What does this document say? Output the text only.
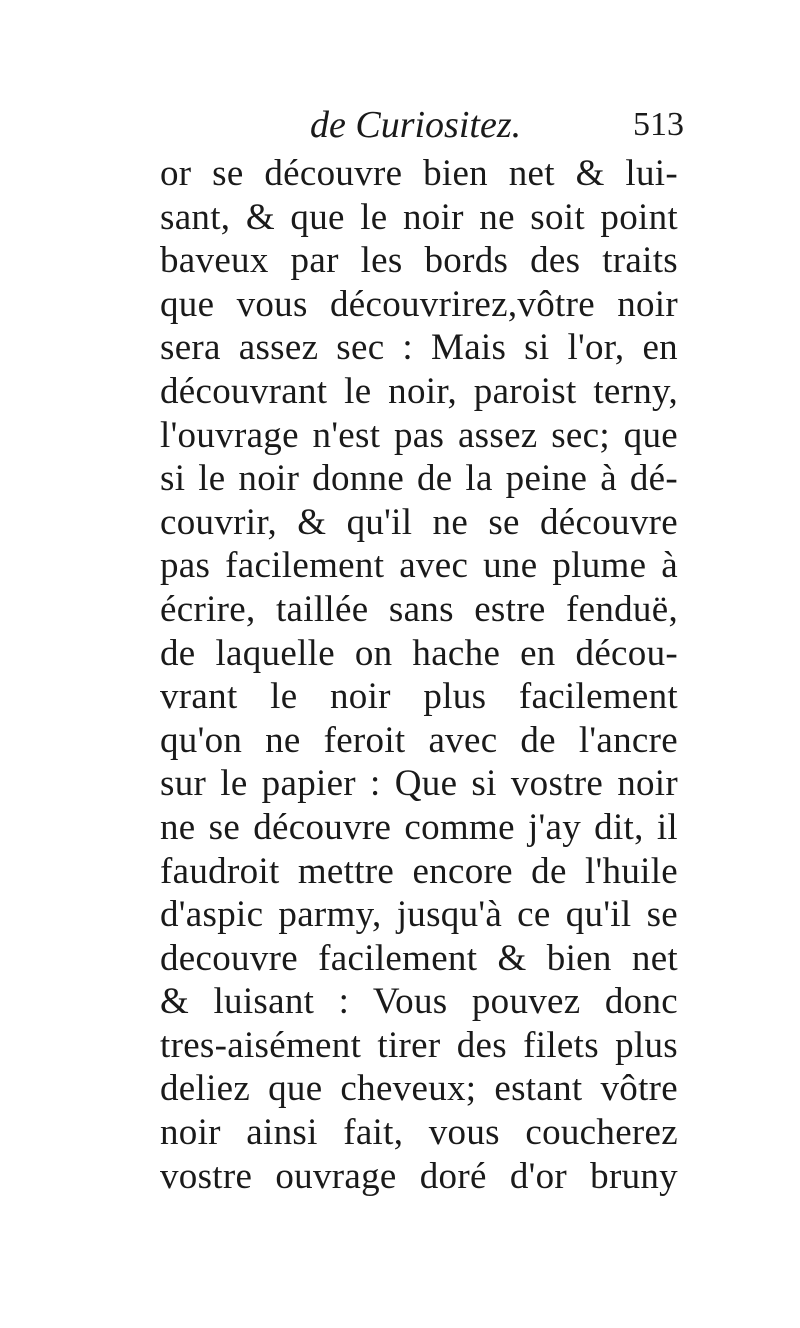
de Curiositez.	513
or se découvre bien net & lui-
sant, & que le noir ne soit point
baveux par les bords des traits
que vous découvrirez,vôtre noir
sera assez sec : Mais si l'or, en
découvrant le noir, paroist terny,
l'ouvrage n'est pas assez sec; que
si le noir donne de la peine à dé-
couvrir, & qu'il ne se découvre
pas facilement avec une plume à
écrire, taillée sans estre fenduë,
de laquelle on hache en décou-
vrant le noir plus facilement
qu'on ne feroit avec de l'ancre
sur le papier : Que si vostre noir
ne se découvre comme j'ay dit, il
faudroit mettre encore de l'huile
d'aspic parmy, jusqu'à ce qu'il se
decouvre facilement & bien net
& luisant : Vous pouvez donc
tres-aisément tirer des filets plus
deliez que cheveux; estant vôtre
noir ainsi fait, vous coucherez
vostre ouvrage doré d'or bruny
